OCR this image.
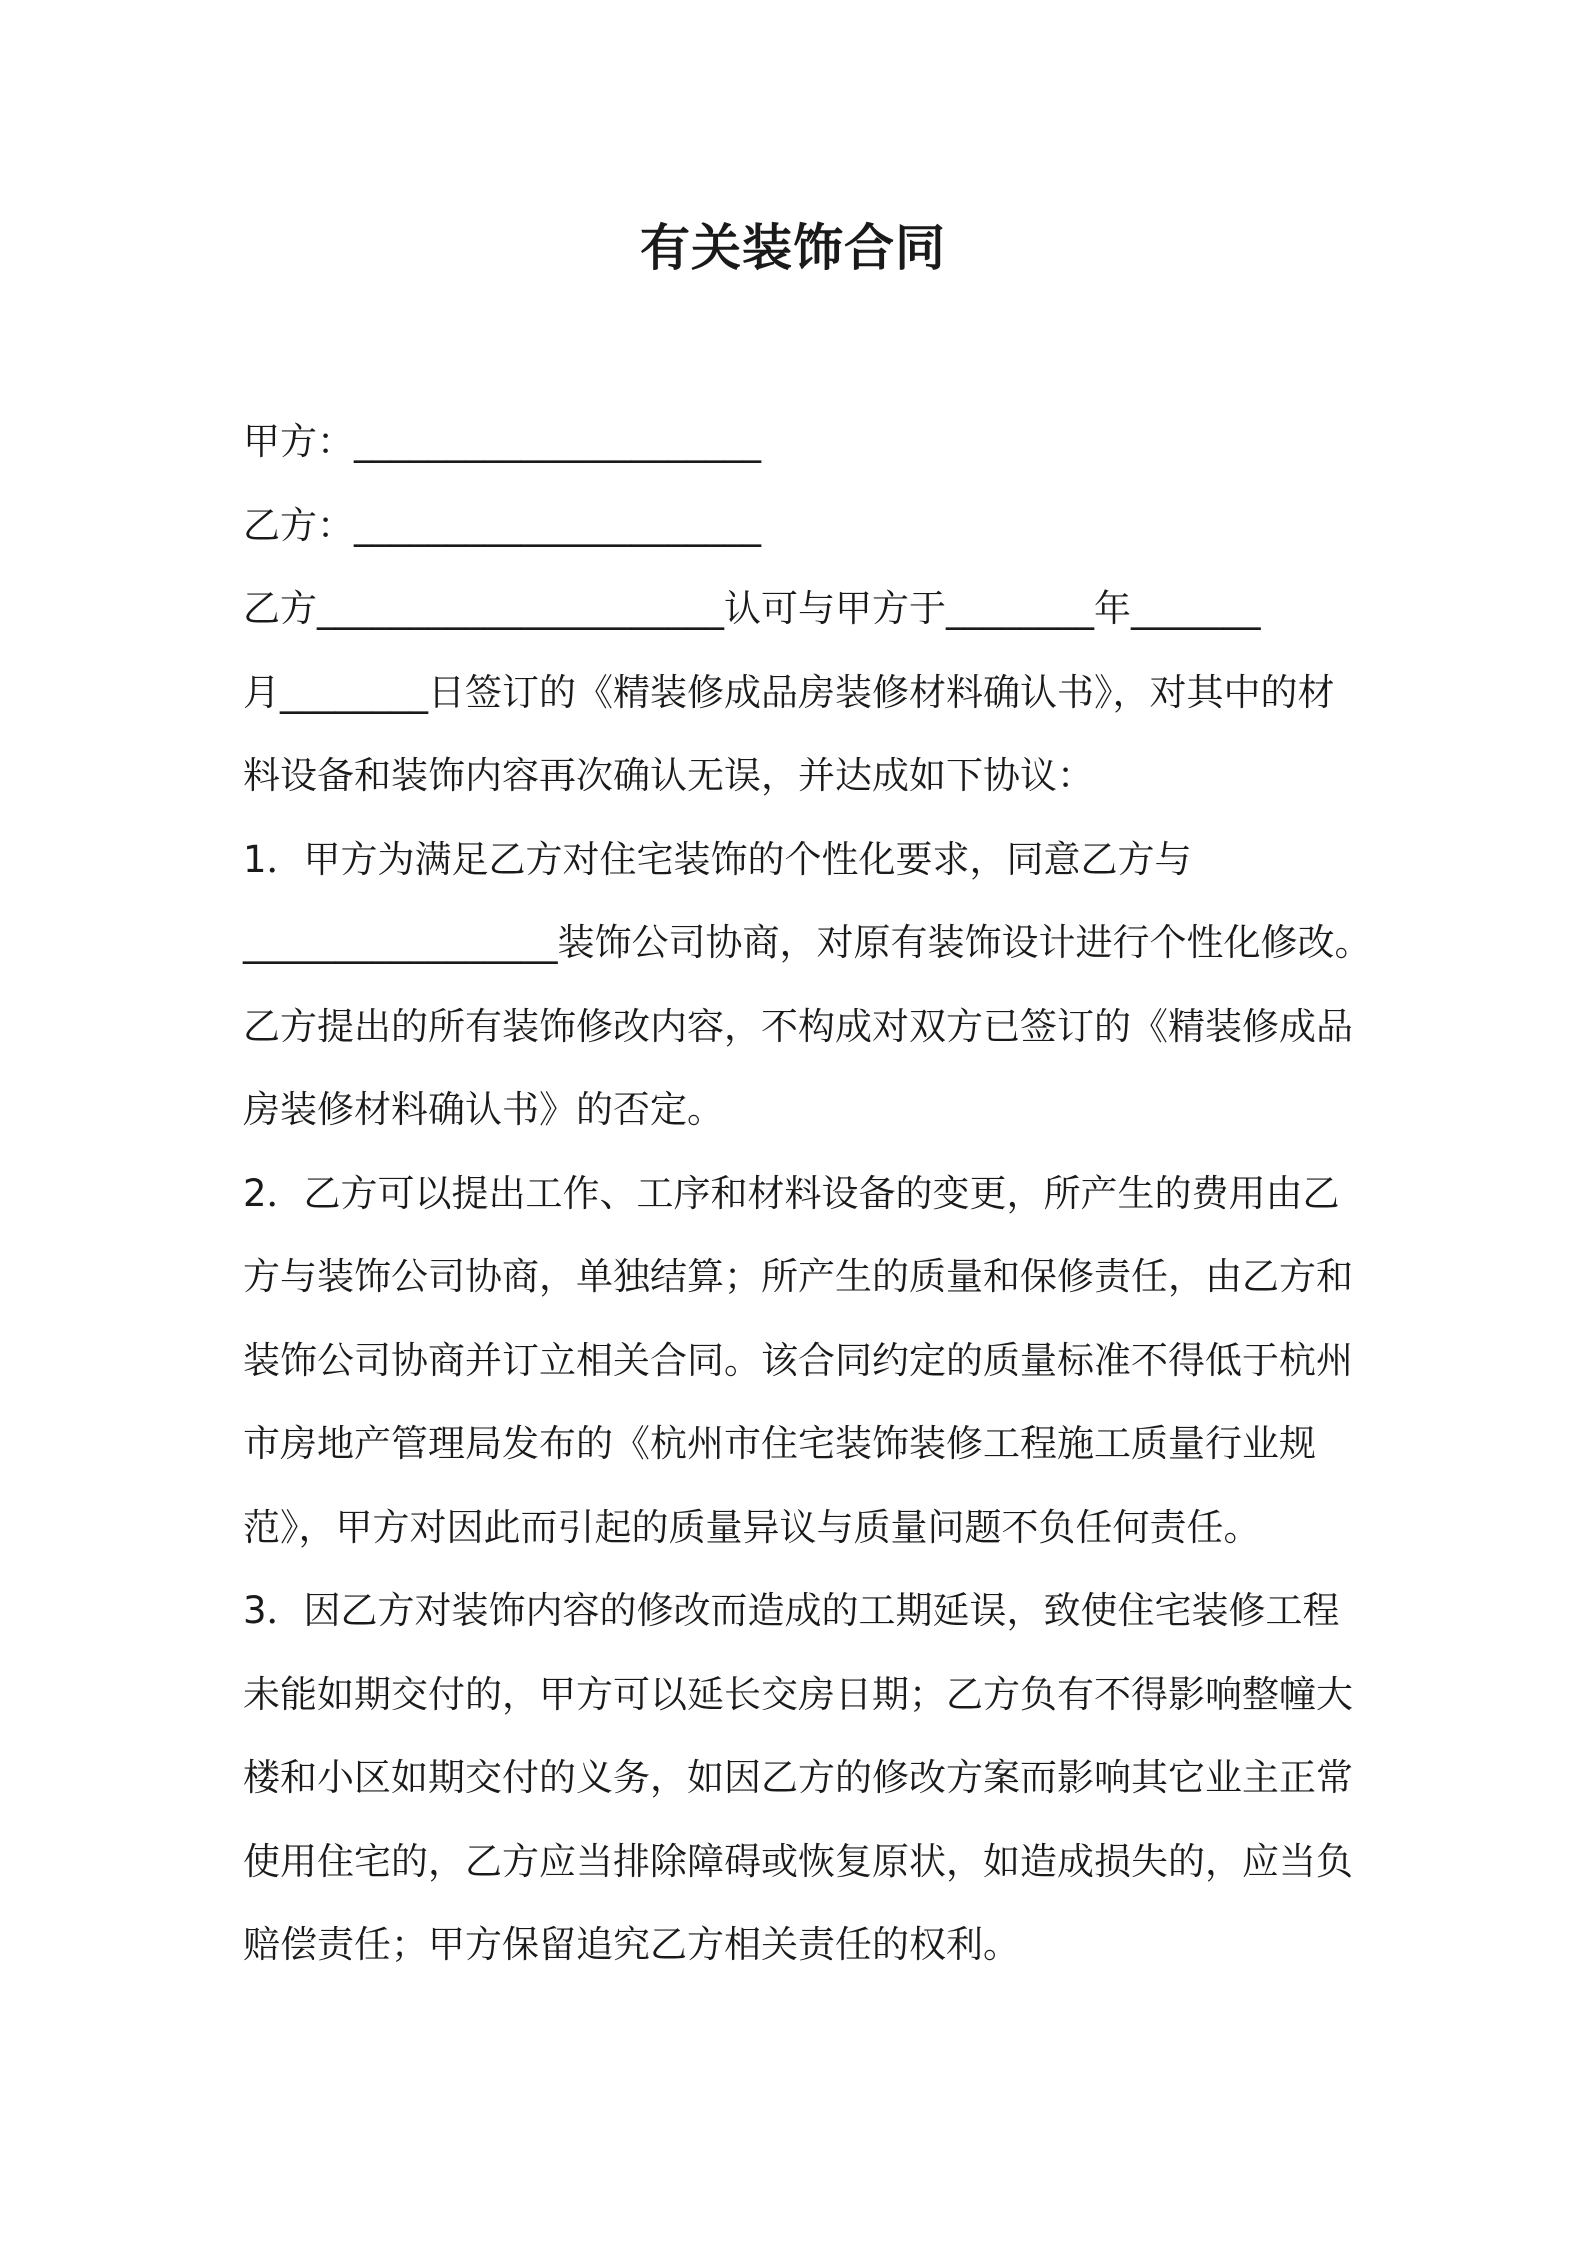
有关装饰合同
甲方：______________________
乙方：______________________
乙方______________________认可与甲方于________年_______
月________日签订的《精装修成品房装修材料确认书》，对其中的材
料设备和装饰内容再次确认无误，并达成如下协议：
1．甲方为满足乙方对住宅装饰的个性化要求，同意乙方与
_________________装饰公司协商，对原有装饰设计进行个性化修改。
乙方提出的所有装饰修改内容，不构成对双方已签订的《精装修成品
房装修材料确认书》的否定。
2．乙方可以提出工作、工序和材料设备的变更，所产生的费用由乙
方与装饰公司协商，单独结算；所产生的质量和保修责任，由乙方和
装饰公司协商并订立相关合同。该合同约定的质量标准不得低于杭州
市房地产管理局发布的《杭州市住宅装饰装修工程施工质量行业规
范》，甲方对因此而引起的质量异议与质量问题不负任何责任。
3．因乙方对装饰内容的修改而造成的工期延误，致使住宅装修工程
未能如期交付的，甲方可以延长交房日期；乙方负有不得影响整幢大
楼和小区如期交付的义务，如因乙方的修改方案而影响其它业主正常
使用住宅的，乙方应当排除障碍或恢复原状，如造成损失的，应当负
赔偿责任；甲方保留追究乙方相关责任的权利。
